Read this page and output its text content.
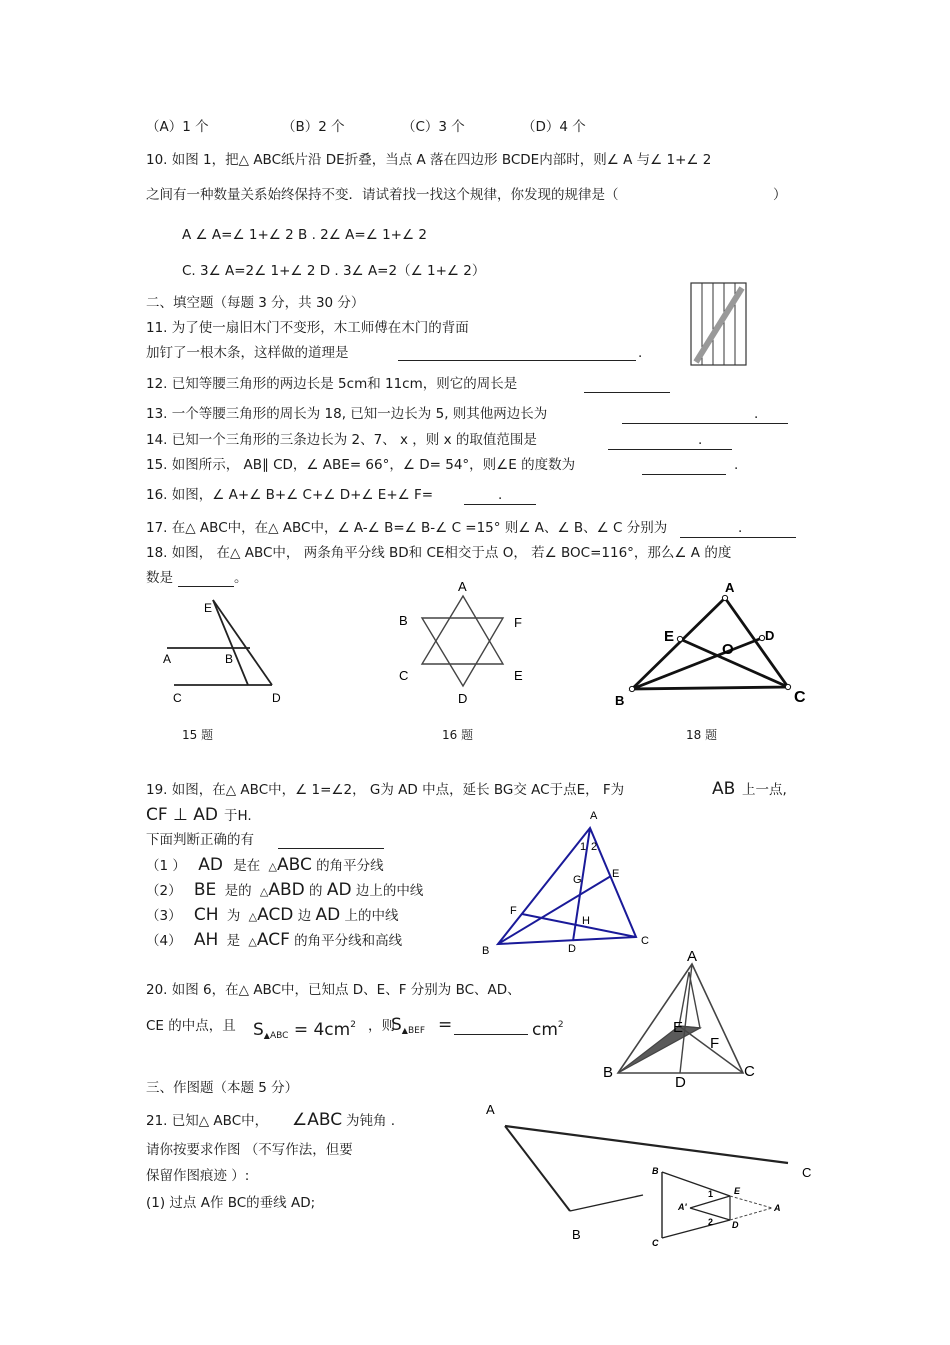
（A）1 个	（B）2 个	（C）3 个	（D）4 个
10. 如图 1，把△ ABC纸片沿 DE折叠，当点 A 落在四边形 BCDE内部时，则∠ A 与∠ 1+∠ 2
之间有一种数量关系始终保持不变．请试着找一找这个规律，你发现的规律是（	）
A ∠ A=∠ 1+∠ 2 B . 2∠ A=∠ 1+∠ 2
C. 3∠ A=2∠ 1+∠ 2 D . 3∠ A=2（∠ 1+∠ 2）
二、填空题（每题 3 分，共 30 分）
11. 为了使一扇旧木门不变形，木工师傅在木门的背面
加钉了一根木条，这样做的道理是	.
12. 已知等腰三角形的两边长是 5cm和 11cm，则它的周长是
13. 一个等腰三角形的周长为 18, 已知一边长为 5, 则其他两边长为	.
14. 已知一个三角形的三条边长为 2、7、 x ，则 x 的取值范围是	.
15. 如图所示， AB∥ CD，∠ ABE= 66°，∠ D= 54°，则∠E 的度数为	.
16. 如图，∠ A+∠ B+∠ C+∠ D+∠ E+∠ F=	.
17. 在△ ABC中，在△ ABC中，∠ A-∠ B=∠ B-∠ C =15° 则∠ A、∠ B、∠ C 分别为	.
18. 如图， 在△ ABC中， 两条角平分线 BD和 CE相交于点 O， 若∠ BOC=116°，那么∠ A 的度
数是	。
E
A	B
C	D
15 题
A
B	F
C	E
D
16 题
A
E	D
O
B	C
18 题
19. 如图，在△ ABC中，∠ 1=∠2， G为 AD 中点，延长 BG交 AC于点E， F为	AB 上一点,
CF ⊥ AD 于H.
下面判断正确的有
（1 ） AD 是在 △ABC 的角平分线
（2） BE 是的 △ABD 的 AD 边上的中线
（3） CH 为 △ACD 边 AD 上的中线
（4） AH 是 △ACF 的角平分线和高线
A
1 2
E
G
F
H
B	D
C
20. 如图 6，在△ ABC中，已知点 D、E、F 分别为 BC、AD、
CE 的中点，且 $S_{▲ABC} = 4cm^2$ ，则
$S_{▲BEF}$ =	$cm^2$
A
E
F
B
D
C
三、作图题（本题 5 分）
21. 已知△ ABC中， ∠ABC 为钝角 .
请你按要求作图 （不写作法，但要
保留作图痕迹 ）:
(1) 过点 A作 BC的垂线 AD;
A
C
B
B
1 E
A'	A
2 D
C
